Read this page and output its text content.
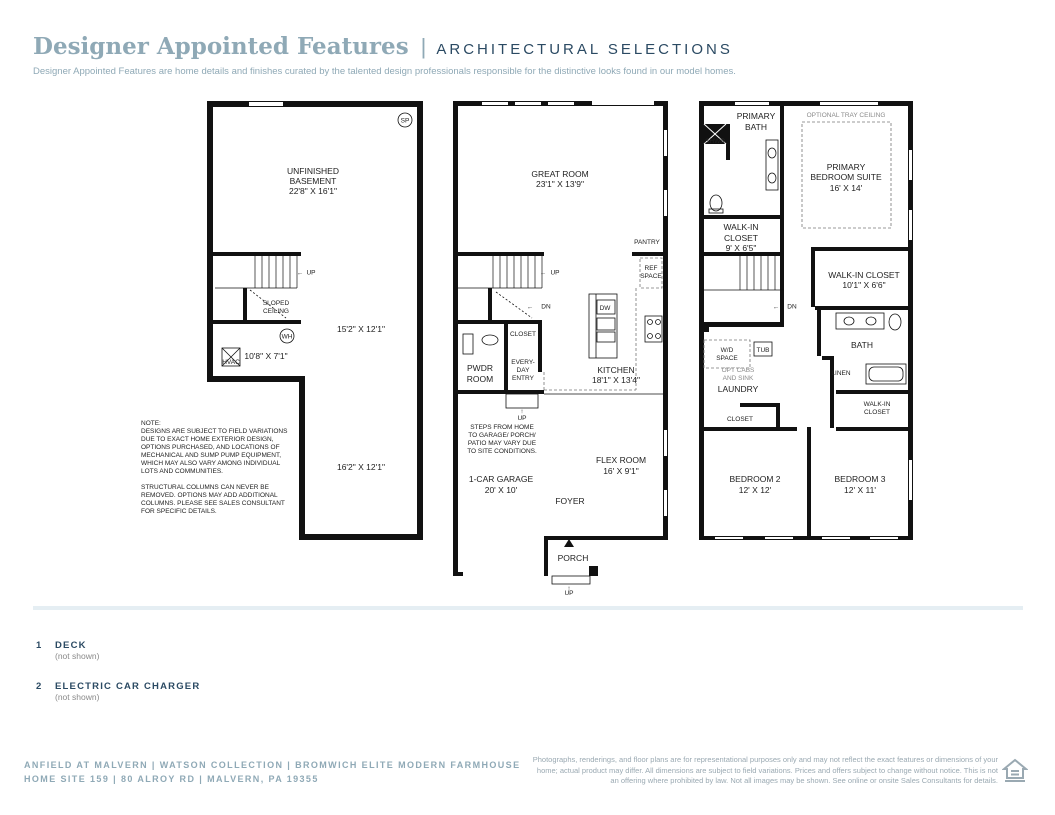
Designer Appointed Features | ARCHITECTURAL SELECTIONS
Designer Appointed Features are home details and finishes curated by the talented design professionals responsible for the distinctive looks found in our model homes.
SP
← UP
UNFINISHED
BASEMENT
22'8" X 16'1"
SLOPED
CEILING
WH
HVAC
10'8" X 7'1"
15'2" X 12'1"
16'2" X 12'1"
NOTE:
DESIGNS ARE SUBJECT TO FIELD VARIATIONS
DUE TO EXACT HOME EXTERIOR DESIGN,
OPTIONS PURCHASED, AND LOCATIONS OF
MECHANICAL AND SUMP PUMP EQUIPMENT,
WHICH MAY ALSO VARY AMONG INDIVIDUAL
LOTS AND COMMUNITIES.
STRUCTURAL COLUMNS CAN NEVER BE
REMOVED. OPTIONS MAY ADD ADDITIONAL
COLUMNS. PLEASE SEE SALES CONSULTANT
FOR SPECIFIC DETAILS.
← UP
← DN	DW
REF
SPACE
PANTRY
GREAT ROOM
23'1" X 13'9"
CLOSET
PWDR
ROOM
EVERY-
DAY
ENTRY
KITCHEN
18'1" X 13'4"
↑
UP
STEPS FROM HOME
TO GARAGE/ PORCH/
PATIO MAY VARY DUE
TO SITE CONDITIONS.
1-CAR GARAGE
20' X 10'
FLEX ROOM
16' X 9'1"
FOYER
PORCH
↑
UP
← DN
PRIMARY
BATH
SHWR
OPTIONAL TRAY CEILING
PRIMARY
BEDROOM SUITE
16' X 14'
WALK-IN
CLOSET
9' X 6'5"
WALK-IN CLOSET
10'1" X 6'6"
BATH
LINEN
W/D
SPACE
TUB
OPT CABS
AND SINK
LAUNDRY
WALK-IN
CLOSET
CLOSET
BEDROOM 2
12' X 12'
BEDROOM 3
12' X 11'
1 DECK
(not shown)
2 ELECTRIC CAR CHARGER
(not shown)
ANFIELD AT MALVERN | WATSON COLLECTION | BROMWICH ELITE MODERN FARMHOUSE
HOME SITE 159 | 80 ALROY RD | MALVERN, PA 19355
Photographs, renderings, and floor plans are for representational purposes only and may not reflect the exact features or dimensions of your home; actual product may differ. All dimensions are subject to field variations. Prices and offers subject to change without notice. This is not an offering where prohibited by law. Not all images may be shown. See online or onsite Sales Consultants for details.
